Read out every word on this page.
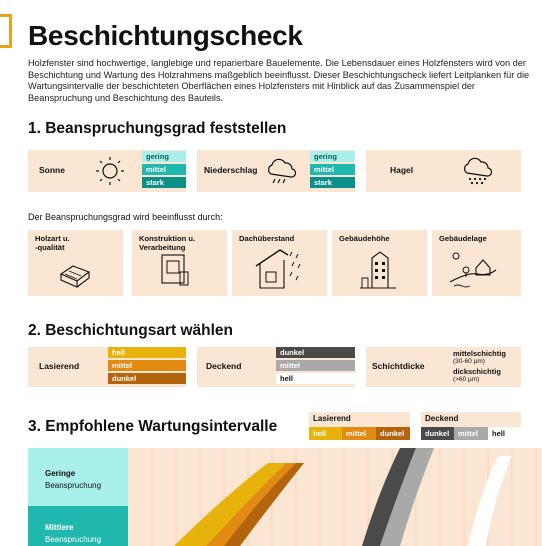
Beschichtungscheck
Holzfenster sind hochwertige, langlebige und reparierbare Bauelemente. Die Lebensdauer eines Holzfensters wird von der Beschichtung und Wartung des Holzrahmens maßgeblich beeinflusst. Dieser Beschichtungscheck liefert Leitplanken für die Wartungsintervalle der beschichteten Oberflächen eines Holzfensters mit Hinblick auf das Zusammenspiel der Beanspruchung und Beschichtung des Bauteils.
1. Beanspruchungsgrad feststellen
Sonne
gering
mittel
stark
Niederschlag
gering
mittel
stark
Hagel
Der Beanspruchungsgrad wird beeinflusst durch:
Holzart u.
-qualität
Konstruktion u.
Verarbeitung
Dachüberstand	Gebäudehöhe	Gebäudelage
2. Beschichtungsart wählen
Lasierend
hell
mittel
dunkel
Deckend
dunkel
mittel
hell
Schichtdicke
mittelschichtig
(30-60 µm)
dickschichtig
(>60 µm)
3. Empfohlene Wartungsintervalle	Lasierend
hell	mittel	dunkel
Deckend
dunkel	mittel	hell
Geringe
Beanspruchung
Mittlere
Beanspruchung
